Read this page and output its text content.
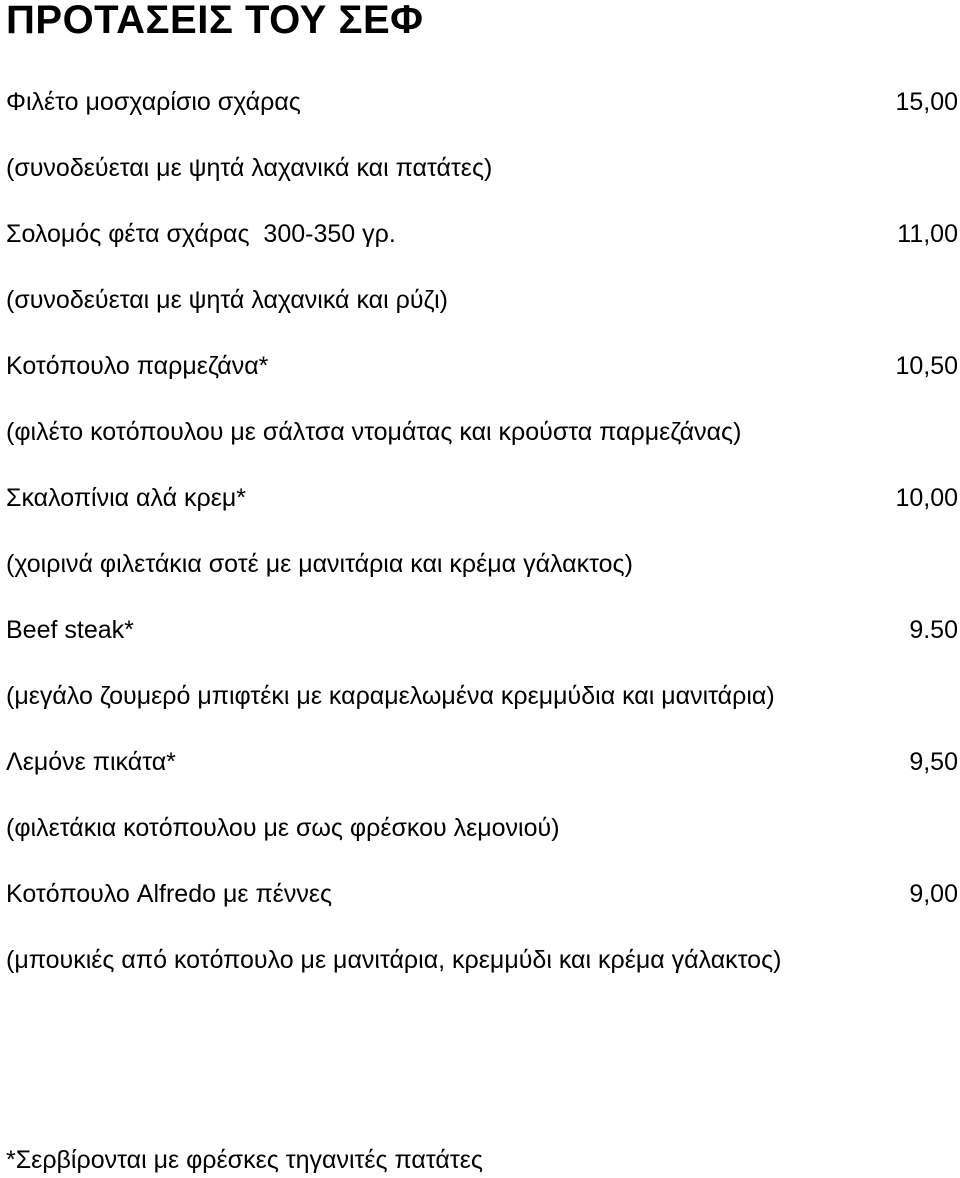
ΠΡΟΤΑΣΕΙΣ ΤΟΥ ΣΕΦ
Φιλέτο μοσχαρίσιο σχάρας	15,00
(συνοδεύεται με ψητά λαχανικά και πατάτες)
Σολομός φέτα σχάρας  300-350 γρ.	11,00
(συνοδεύεται με ψητά λαχανικά και ρύζι)
Κοτόπουλο παρμεζάνα*	10,50
(φιλέτο κοτόπουλου με σάλτσα ντομάτας και κρούστα παρμεζάνας)
Σκαλοπίνια αλά κρεμ*	10,00
(χοιρινά φιλετάκια σοτέ με μανιτάρια και κρέμα γάλακτος)
Beef steak*	9.50
(μεγάλο ζουμερό μπιφτέκι με καραμελωμένα κρεμμύδια και μανιτάρια)
Λεμόνε πικάτα*	9,50
(φιλετάκια κοτόπουλου με σως φρέσκου λεμονιού)
Κοτόπουλο Alfredo με πέννες	9,00
(μπουκιές από κοτόπουλο με μανιτάρια, κρεμμύδι και κρέμα γάλακτος)
*Σερβίρονται με φρέσκες τηγανιτές πατάτες
